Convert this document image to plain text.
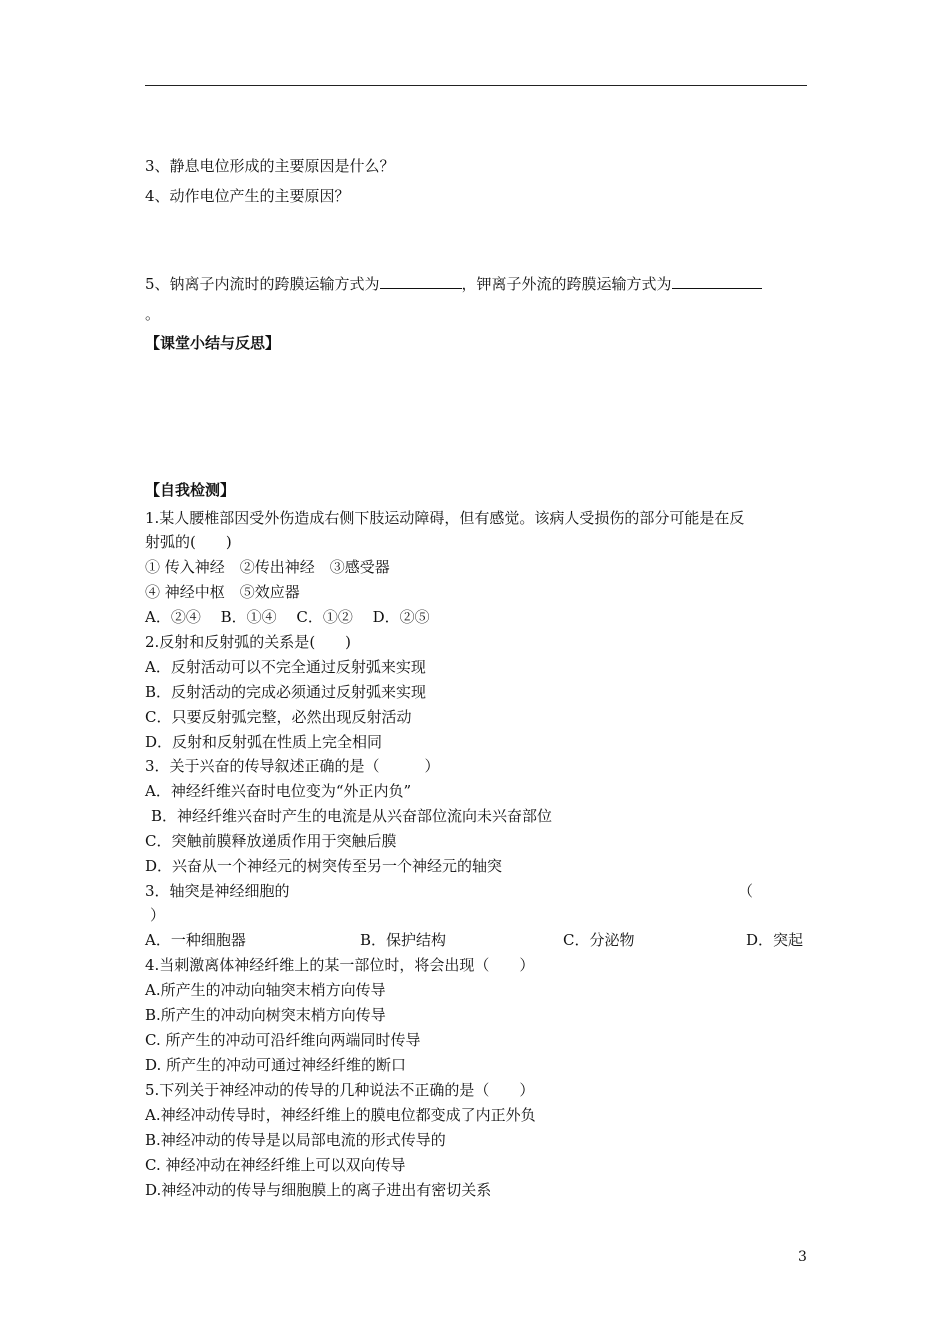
3、静息电位形成的主要原因是什么？
4、动作电位产生的主要原因？
5、钠离子内流时的跨膜运输方式为	，钾离子外流的跨膜运输方式为
。
【课堂小结与反思】
【自我检测】
1.某人腰椎部因受外伤造成右侧下肢运动障碍，但有感觉。该病人受损伤的部分可能是在反
射弧的(　　)
① 传入神经　②传出神经　③感受器
④ 神经中枢　⑤效应器
A．②④　 B．①④　 C．①②　 D．②⑤
2.反射和反射弧的关系是(　　)
A．反射活动可以不完全通过反射弧来实现
B．反射活动的完成必须通过反射弧来实现
C．只要反射弧完整，必然出现反射活动
D．反射和反射弧在性质上完全相同
3．关于兴奋的传导叙述正确的是（　　　）
A．神经纤维兴奋时电位变为“外正内负”
B．神经纤维兴奋时产生的电流是从兴奋部位流向未兴奋部位
C．突触前膜释放递质作用于突触后膜
D．兴奋从一个神经元的树突传至另一个神经元的轴突
3．轴突是神经细胞的	（
）
A．一种细胞器	B．保护结构	C．分泌物	D．突起
4.当刺激离体神经纤维上的某一部位时，将会出现（　　）
A.所产生的冲动向轴突末梢方向传导
B.所产生的冲动向树突末梢方向传导
C. 所产生的冲动可沿纤维向两端同时传导
D. 所产生的冲动可通过神经纤维的断口
5.下列关于神经冲动的传导的几种说法不正确的是（　　）
A.神经冲动传导时，神经纤维上的膜电位都变成了内正外负
B.神经冲动的传导是以局部电流的形式传导的
C. 神经冲动在神经纤维上可以双向传导
D.神经冲动的传导与细胞膜上的离子进出有密切关系
3
